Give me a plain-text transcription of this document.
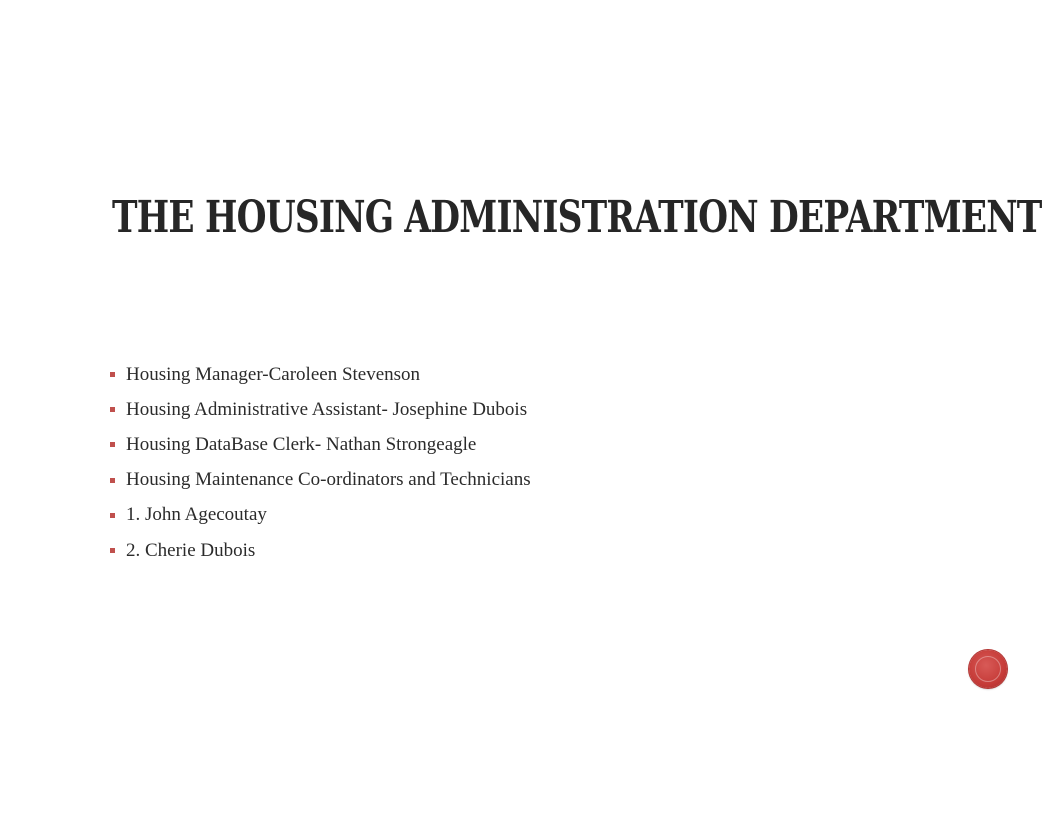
THE HOUSING ADMINISTRATION DEPARTMENT
Housing Manager-Caroleen Stevenson
Housing Administrative Assistant- Josephine Dubois
Housing DataBase Clerk- Nathan Strongeagle
Housing Maintenance Co-ordinators and Technicians
1. John Agecoutay
2. Cherie Dubois
